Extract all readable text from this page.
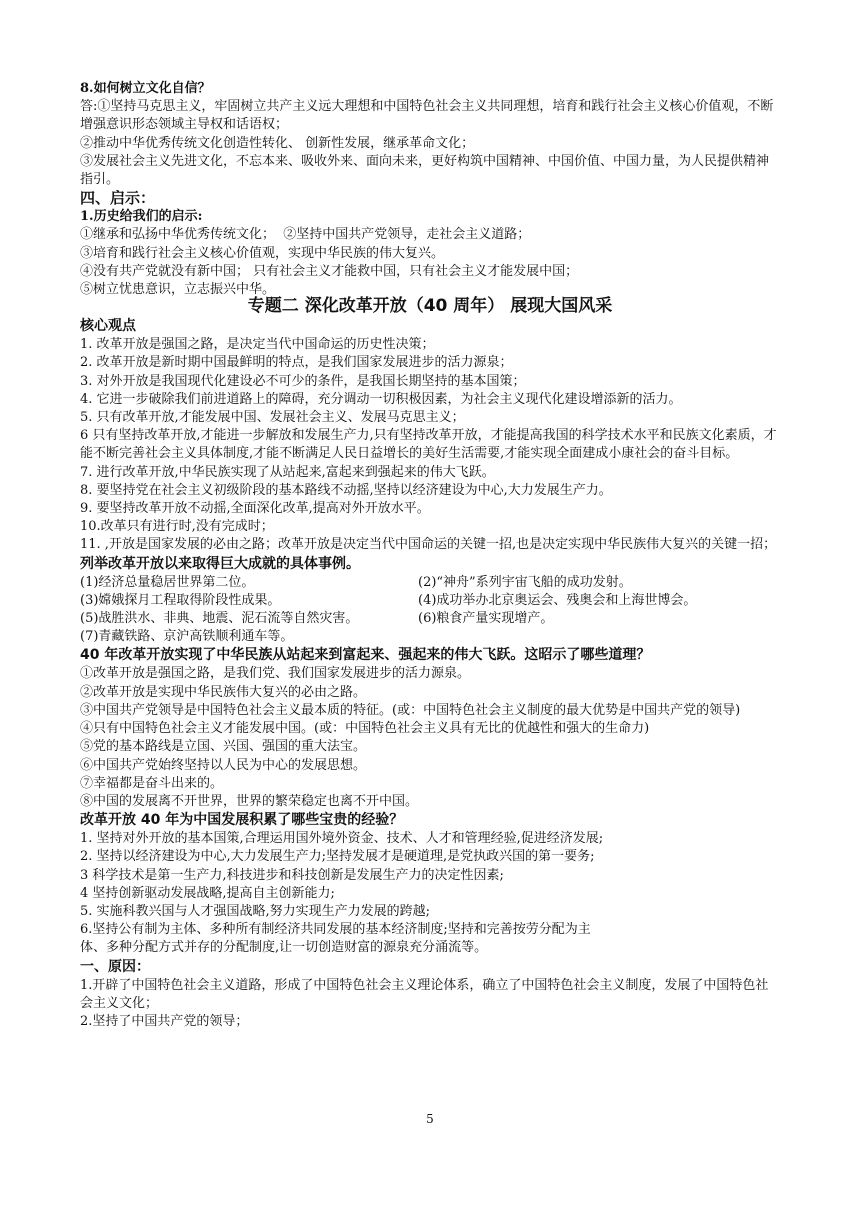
8.如何树立文化自信？

答:①坚持马克思主义，牢固树立共产主义远大理想和中国特色社会主义共同理想，培育和践行社会主义核心价值观，不断增强意识形态领域主导权和话语权；

②推动中华优秀传统文化创造性转化、 创新性发展，继承革命文化；

③发展社会主义先进文化，不忘本来、吸收外来、面向未来，更好构筑中国精神、中国价值、中国力量，为人民提供精神指引。

四、启示：

1.历史给我们的启示:

①继承和弘扬中华优秀传统文化；  ②坚持中国共产党领导，走社会主义道路；

③培育和践行社会主义核心价值观，实现中华民族的伟大复兴。

④没有共产党就没有新中国； 只有社会主义才能救中国，只有社会主义才能发展中国；

⑤树立忧患意识，立志振兴中华。

专题二 深化改革开放（40 周年） 展现大国风采

核心观点

1. 改革开放是强国之路，是决定当代中国命运的历史性决策；

2. 改革开放是新时期中国最鲜明的特点，是我们国家发展进步的活力源泉；

3. 对外开放是我国现代化建设必不可少的条件，是我国长期坚持的基本国策；

4. 它进一步破除我们前进道路上的障碍，充分调动一切积极因素，为社会主义现代化建设增添新的活力。

5. 只有改革开放,才能发展中国、发展社会主义、发展马克思主义；

6 只有坚持改革开放,才能进一步解放和发展生产力,只有坚持改革开放，才能提高我国的科学技术水平和民族文化素质，才能不断完善社会主义具体制度,才能不断满足人民日益增长的美好生活需要,才能实现全面建成小康社会的奋斗目标。

7. 进行改革开放,中华民族实现了从站起来,富起来到强起来的伟大飞跃。

8. 要坚持党在社会主义初级阶段的基本路线不动摇,坚持以经济建设为中心,大力发展生产力。

9. 要坚持改革开放不动摇,全面深化改革,提高对外开放水平。

10.改革只有进行时,没有完成时；

11. ,开放是国家发展的必由之路；改革开放是决定当代中国命运的关键一招,也是决定实现中华民族伟大复兴的关键一招；

列举改革开放以来取得巨大成就的具体事例。

(1)经济总量稳居世界第二位。	(2)“神舟”系列宇宙飞船的成功发射。

(3)嫦娥探月工程取得阶段性成果。	(4)成功举办北京奥运会、残奥会和上海世博会。

(5)战胜洪水、非典、地震、泥石流等自然灾害。	(6)粮食产量实现增产。

(7)青藏铁路、京沪高铁顺利通车等。

40 年改革开放实现了中华民族从站起来到富起来、强起来的伟大飞跃。这昭示了哪些道理？

①改革开放是强国之路，是我们党、我们国家发展进步的活力源泉。

②改革开放是实现中华民族伟大复兴的必由之路。

③中国共产党领导是中国特色社会主义最本质的特征。(或：中国特色社会主义制度的最大优势是中国共产党的领导)

④只有中国特色社会主义才能发展中国。(或：中国特色社会主义具有无比的优越性和强大的生命力)

⑤党的基本路线是立国、兴国、强国的重大法宝。

⑥中国共产党始终坚持以人民为中心的发展思想。

⑦幸福都是奋斗出来的。

⑧中国的发展离不开世界，世界的繁荣稳定也离不开中国。

改革开放 40 年为中国发展积累了哪些宝贵的经验？

1. 坚持对外开放的基本国策,合理运用国外境外资金、技术、人才和管理经验,促进经济发展;

2. 坚持以经济建设为中心,大力发展生产力;坚持发展才是硬道理,是党执政兴国的第一要务;

3 科学技术是第一生产力,科技进步和科技创新是发展生产力的决定性因素;

4 坚持创新驱动发展战略,提高自主创新能力;

5. 实施科教兴国与人才强国战略,努力实现生产力发展的跨越;

6.坚持公有制为主体、多种所有制经济共同发展的基本经济制度;坚持和完善按劳分配为主

体、多种分配方式并存的分配制度,让一切创造财富的源泉充分涌流等。

一、原因：

1.开辟了中国特色社会主义道路，形成了中国特色社会主义理论体系，确立了中国特色社会主义制度，发展了中国特色社会主义文化；

2.坚持了中国共产党的领导；

5
